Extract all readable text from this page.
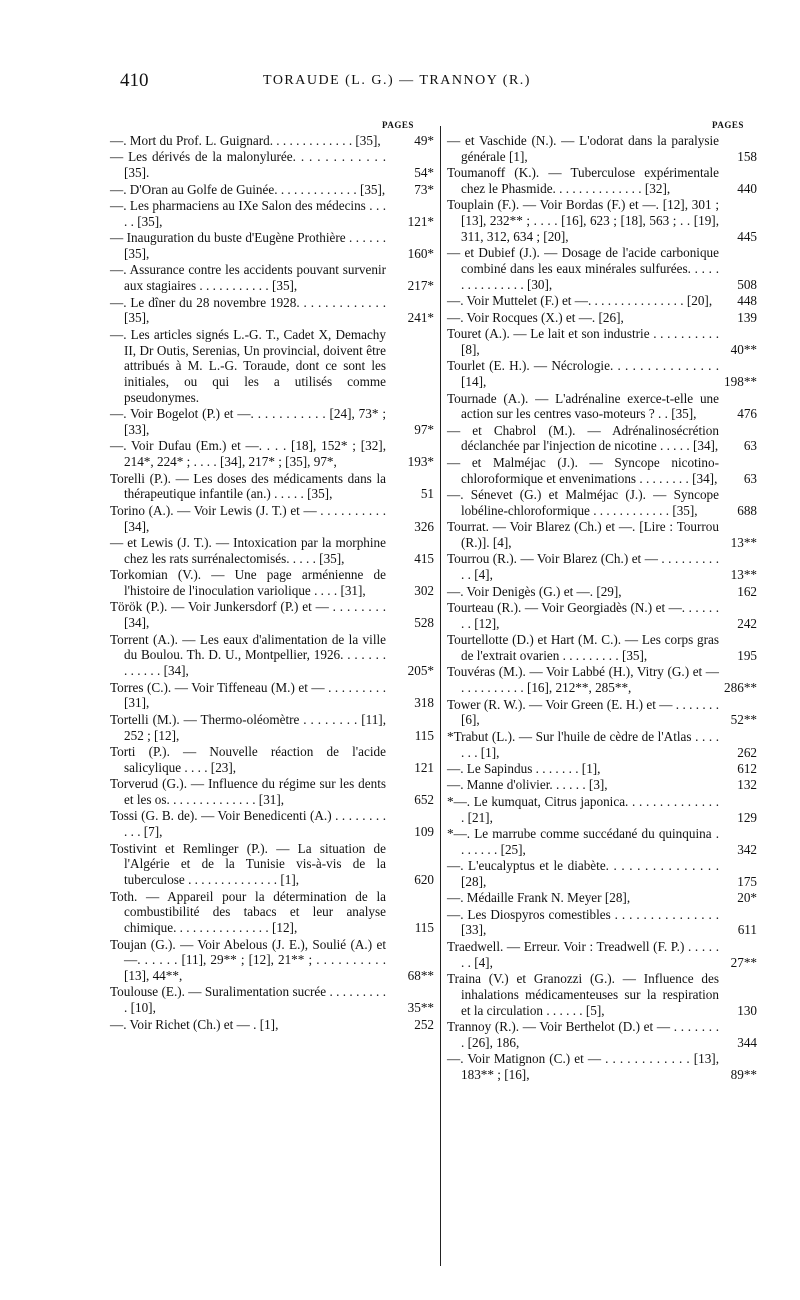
410	TORAUDE (L. G.) — TRANNOY (R.)
PAGES	PAGES
—. Mort du Prof. L. Guignard. . . . . . . . . . . . . [35],	49*
— Les dérivés de la malonylurée. . . . . . . . . . . . [35].	54*
—. D'Oran au Golfe de Guinée. . . . . . . . . . . . . [35],	73*
—. Les pharmaciens au IXe Salon des médecins . . . . . [35],	121*
— Inauguration du buste d'Eugène Prothière . . . . . . [35],	160*
—. Assurance contre les accidents pouvant survenir aux stagiaires . . . . . . . . . . . [35],	217*
—. Le dîner du 28 novembre 1928. . . . . . . . . . . . . [35],	241*
—. Les articles signés L.-G. T., Cadet X, Demachy II, Dr Outis, Serenias, Un provincial, doivent être attribués à M. L.-G. Toraude, dont ce sont les initiales, ou qui les a utilisés comme pseudonymes.
—. Voir Bogelot (P.) et —. . . . . . . . . . . [24], 73* ; [33],	97*
—. Voir Dufau (Em.) et —. . . . [18], 152* ; [32], 214*, 224* ; . . . . [34], 217* ; [35], 97*,	193*
Torelli (P.). — Les doses des médicaments dans la thérapeutique infantile (an.) . . . . . [35],	51
Torino (A.). — Voir Lewis (J. T.) et — . . . . . . . . . . [34],	326
— et Lewis (J. T.). — Intoxication par la morphine chez les rats surrénalectomisés. . . . . [35],	415
Torkomian (V.). — Une page arménienne de l'histoire de l'inoculation variolique . . . . [31],	302
Török (P.). — Voir Junkersdorf (P.) et — . . . . . . . . [34],	528
Torrent (A.). — Les eaux d'alimentation de la ville du Boulou. Th. D. U., Montpellier, 1926. . . . . . . . . . . . . [34],	205*
Torres (C.). — Voir Tiffeneau (M.) et — . . . . . . . . . [31],	318
Tortelli (M.). — Thermo-oléomètre . . . . . . . . [11], 252 ; [12],	115
Torti (P.). — Nouvelle réaction de l'acide salicylique . . . . [23],	121
Torverud (G.). — Influence du régime sur les dents et les os. . . . . . . . . . . . . . [31],	652
Tossi (G. B. de). — Voir Benedicenti (A.) . . . . . . . . . . . [7],	109
Tostivint et Remlinger (P.). — La situation de l'Algérie et de la Tunisie vis-à-vis de la tuberculose . . . . . . . . . . . . . . [1],	620
Toth. — Appareil pour la détermination de la combustibilité des tabacs et leur analyse chimique. . . . . . . . . . . . . . . [12],	115
Toujan (G.). — Voir Abelous (J. E.), Soulié (A.) et —. . . . . . [11], 29** ; [12], 21** ; . . . . . . . . . . [13], 44**,	68**
Toulouse (E.). — Suralimentation sucrée . . . . . . . . . . [10],	35**
—. Voir Richet (Ch.) et — . [1],	252
— et Vaschide (N.). — L'odorat dans la paralysie générale [1],	158
Toumanoff (K.). — Tuberculose expérimentale chez le Phasmide. . . . . . . . . . . . . . [32],	440
Touplain (F.). — Voir Bordas (F.) et —. [12], 301 ; [13], 232** ; . . . . [16], 623 ; [18], 563 ; . . [19], 311, 312, 634 ; [20],	445
— et Dubief (J.). — Dosage de l'acide carbonique combiné dans les eaux minérales sulfurées. . . . . . . . . . . . . . . [30],	508
—. Voir Muttelet (F.) et —. . . . . . . . . . . . . . . [20],	448
—. Voir Rocques (X.) et —. [26],	139
Touret (A.). — Le lait et son industrie . . . . . . . . . . [8],	40**
Tourlet (E. H.). — Nécrologie. . . . . . . . . . . . . . . [14],	198**
Tournade (A.). — L'adrénaline exerce-t-elle une action sur les centres vaso-moteurs ? . . [35],	476
— et Chabrol (M.). — Adrénalinosécrétion déclanchée par l'injection de nicotine . . . . . [34],	63
— et Malméjac (J.). — Syncope nicotino-chloroformique et envenimations . . . . . . . . [34],	63
—. Sénevet (G.) et Malméjac (J.). — Syncope lobéline-chloroformique . . . . . . . . . . . . [35],	688
Tourrat. — Voir Blarez (Ch.) et —. [Lire : Tourrou (R.)]. [4],	13**
Tourrou (R.). — Voir Blarez (Ch.) et — . . . . . . . . . . . [4],	13**
—. Voir Denigès (G.) et —. [29],	162
Tourteau (R.). — Voir Georgiadès (N.) et —. . . . . . . . [12],	242
Tourtellotte (D.) et Hart (M. C.). — Les corps gras de l'extrait ovarien . . . . . . . . . [35],	195
Touvéras (M.). — Voir Labbé (H.), Vitry (G.) et — . . . . . . . . . . [16], 212**, 285**,	286**
Tower (R. W.). — Voir Green (E. H.) et — . . . . . . . [6],	52**
*Trabut (L.). — Sur l'huile de cèdre de l'Atlas . . . . . . . [1],	262
—. Le Sapindus . . . . . . . [1],	612
—. Manne d'olivier. . . . . . [3],	132
*—. Le kumquat, Citrus japonica. . . . . . . . . . . . . . . [21],	129
*—. Le marrube comme succédané du quinquina . . . . . . . [25],	342
—. L'eucalyptus et le diabète. . . . . . . . . . . . . . . [28],	175
—. Médaille Frank N. Meyer [28],	20*
—. Les Diospyros comestibles . . . . . . . . . . . . . . . [33],	611
Traedwell. — Erreur. Voir : Treadwell (F. P.) . . . . . . . [4],	27**
Traina (V.) et Granozzi (G.). — Influence des inhalations médicamenteuses sur la respiration et la circulation . . . . . . [5],	130
Trannoy (R.). — Voir Berthelot (D.) et — . . . . . . . . [26], 186,	344
—. Voir Matignon (C.) et — . . . . . . . . . . . . [13], 183** ; [16],	89**
